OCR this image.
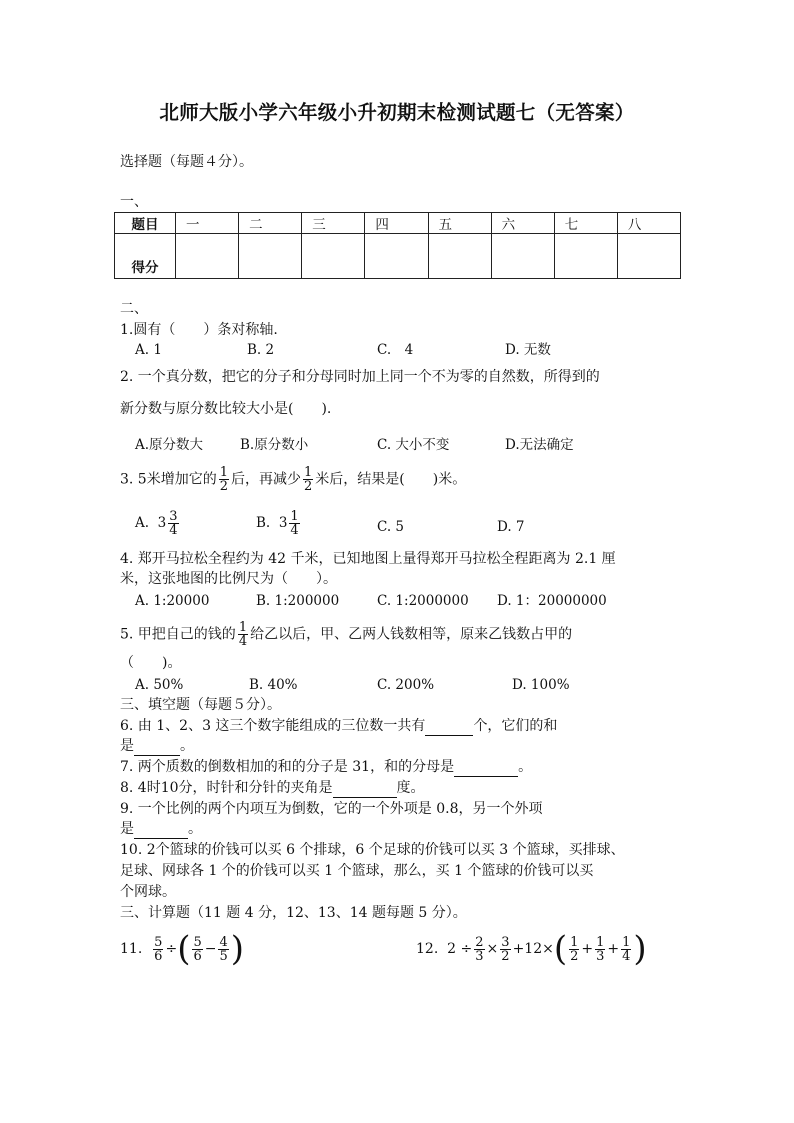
北师大版小学六年级小升初期末检测试题七（无答案）
选择题（每题４分）。
一、
题目	一	二	三	四	五	六	七	八
得分								
二、
1.圆有（　　）条对称轴.
A. 1	B. 2	C.　4	D. 无数
2. 一个真分数，把它的分子和分母同时加上同一个不为零的自然数，所得到的
新分数与原分数比较大小是(　　).
A.原分数大	B.原分数小	C. 大小不变	D.无法确定
3. 5米增加它的 $\frac{1}{2}$ 后，再减少 $\frac{1}{2}$ 米后，结果是(　　)米。
A. $3 \frac{3}{4}$	B. $3 \frac{1}{4}$	C. 5	D. 7
4. 郑开马拉松全程约为 42 千米，已知地图上量得郑开马拉松全程距离为 2.1 厘
米，这张地图的比例尺为（　　）。
A. 1:20000	B. 1:200000	C. 1:2000000 D. 1：20000000
5. 甲把自己的钱的 $\frac{1}{4}$ 给乙以后，甲、乙两人钱数相等，原来乙钱数占甲的
（　　)。
A. 50%	B. 40%	C. 200%	D. 100%
三、填空题（每题５分）。
6. 由 1、2、3 这三个数字能组成的三位数一共有	个，它们的和
是	。
7. 两个质数的倒数相加的和的分子是 31，和的分母是	。
8. 4时10分，时针和分针的夹角是	度。
9. 一个比例的两个内项互为倒数，它的一个外项是 0.8，另一个外项
是	。
10. 2个篮球的价钱可以买 6 个排球，6 个足球的价钱可以买 3 个篮球，买排球、
足球、网球各 1 个的价钱可以买 1 个篮球，那么，买 1 个篮球的价钱可以买
个网球。
三、计算题（11 题 4 分，12、13、14 题每题 5 分）。
11. $\frac{5}{6}$ ÷( $\frac{5}{6} - \frac{4}{5}$ )	12. $2 \div \frac{2}{3} \times \frac{3}{2} +12\times( \frac{1}{2} + \frac{1}{3} + \frac{1}{4}$ )
